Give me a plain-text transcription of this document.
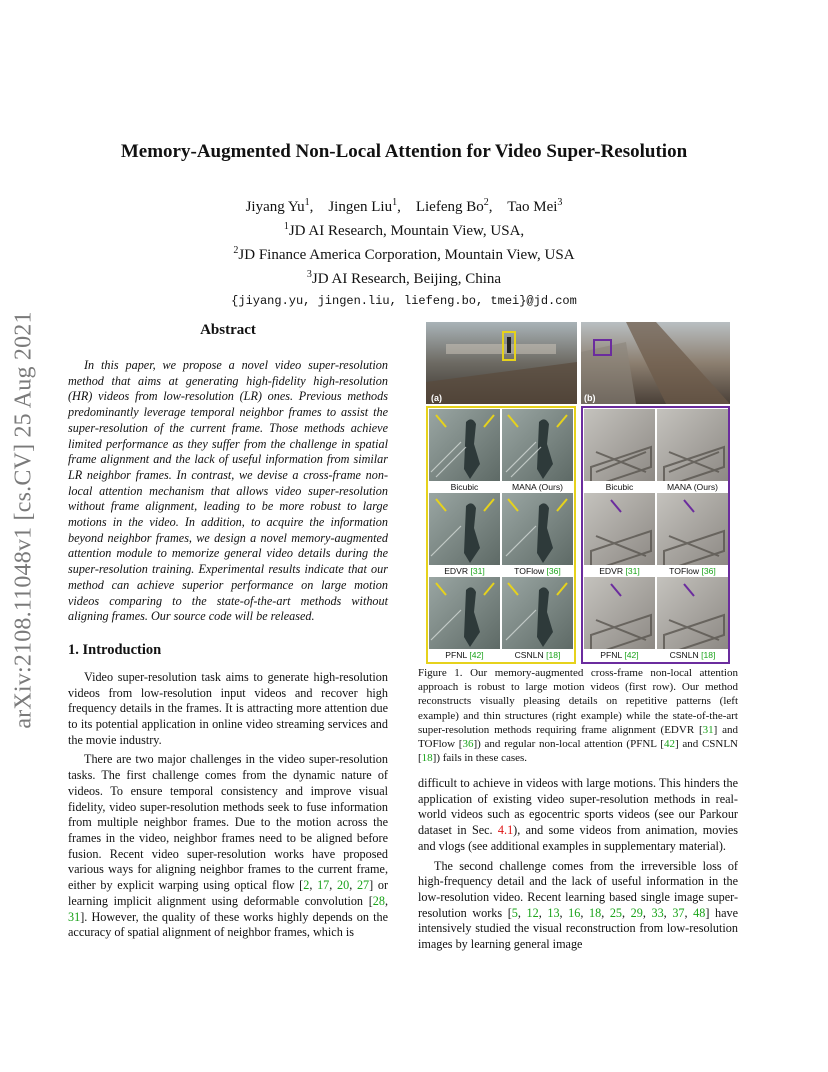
arXiv:2108.11048v1 [cs.CV] 25 Aug 2021
Memory-Augmented Non-Local Attention for Video Super-Resolution
Jiyang Yu$^1$, Jingen Liu$^1$, Liefeng Bo$^2$, Tao Mei$^3$
$^1$JD AI Research, Mountain View, USA,
$^2$JD Finance America Corporation, Mountain View, USA
$^3$JD AI Research, Beijing, China
{jiyang.yu, jingen.liu, liefeng.bo, tmei}@jd.com
Abstract

In this paper, we propose a novel video super-resolution method that aims at generating high-fidelity high-resolution (HR) videos from low-resolution (LR) ones. Previous methods predominantly leverage temporal neighbor frames to assist the super-resolution of the current frame. Those methods achieve limited performance as they suffer from the challenge in spatial frame alignment and the lack of useful information from similar LR neighbor frames. In contrast, we devise a cross-frame non-local attention mechanism that allows video super-resolution without frame alignment, leading to be more robust to large motions in the video. In addition, to acquire the information beyond neighbor frames, we design a novel memory-augmented attention module to memorize general video details during the super-resolution training. Experimental results indicate that our method can achieve superior performance on large motion videos comparing to the state-of-the-art methods without aligning frames. Our source code will be released.

1. Introduction

Video super-resolution task aims to generate high-resolution videos from low-resolution input videos and recover high frequency details in the frames. It is attracting more attention due to its potential application in online video streaming services and the movie industry.

There are two major challenges in the video super-resolution tasks. The first challenge comes from the dynamic nature of videos. To ensure temporal consistency and improve visual fidelity, video super-resolution methods seek to fuse information from multiple neighbor frames. Due to the motion across the frames in the video, neighbor frames need to be aligned before fusion. Recent video super-resolution works have proposed various ways for aligning neighbor frames to the current frame, either by explicit warping using optical flow [2, 17, 20, 27] or learning implicit alignment using deformable convolution [28, 31]. However, the quality of these works highly depends on the accuracy of spatial alignment of neighbor frames, which is

(a)	(b)
Bicubic	MANA (Ours)
EDVR [31]	TOFlow [36]
PFNL [42]	CSNLN [18]
Bicubic	MANA (Ours)
EDVR [31]	TOFlow [36]
PFNL [42]	CSNLN [18]

Figure 1. Our memory-augmented cross-frame non-local attention approach is robust to large motion videos (first row). Our method reconstructs visually pleasing details on repetitive patterns (left example) and thin structures (right example) while the state-of-the-art super-resolution methods requiring frame alignment (EDVR [31] and TOFlow [36]) and regular non-local attention (PFNL [42] and CSNLN [18]) fails in these cases.

difficult to achieve in videos with large motions. This hinders the application of existing video super-resolution methods in real-world videos such as egocentric sports videos (see our Parkour dataset in Sec. 4.1), and some videos from animation, movies and vlogs (see additional examples in supplementary material).

The second challenge comes from the irreversible loss of high-frequency detail and the lack of useful information in the low-resolution video. Recent learning based single image super-resolution works [5, 12, 13, 16, 18, 25, 29, 33, 37, 48] have intensively studied the visual reconstruction from low-resolution images by learning general image
